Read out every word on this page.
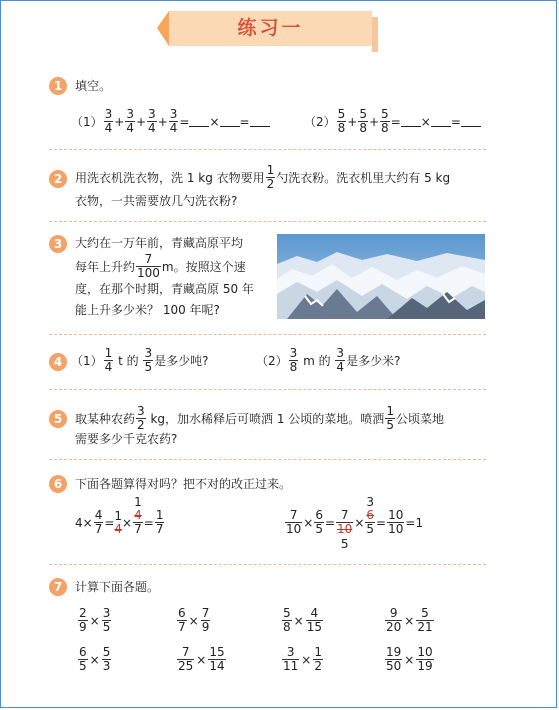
练习一
1	填空。
$(1) \frac{3}{4} + \frac{3}{4} + \frac{3}{4} + \frac{3}{4}$ = × =	$(2) \frac{5}{8} + \frac{5}{8} + \frac{5}{8}$ = × =
2	用洗衣机洗衣物，洗 1 kg 衣物要用 $\frac{1}{2}$ 勺洗衣粉。洗衣机里大约有 5 kg
衣物，一共需要放几勺洗衣粉?
3	大约在一万年前，青藏高原平均
每年上升约 $\frac{7}{100}$ m。按照这个速
度，在那个时期，青藏高原 50 年
能上升多少米？ 100 年呢?
4 $(1) \frac{1}{4}$ t 的 $\frac{3}{5}$ 是多少吨?	$(2) \frac{3}{8}$ m 的 $\frac{3}{4}$ 是多少米?
5	取某种农药 $\frac{3}{2}$ kg，加水稀释后可喷洒 1 公顷的菜地。喷洒 $\frac{1}{5}$ 公顷菜地
需要多少千克农药?
6	下面各题算得对吗？把不对的改正过来。
$4 \times \frac{4}{7} = 1$
4 ×
1
4
$7 = \frac{1}{7}$	$\frac{7}{10} \times \frac{6}{5}$ =
7
10
5
×
3
6
$5 = \frac{10}{10} = 1$
7	计算下面各题。
$\frac{2}{9} \times \frac{3}{5}$	$\frac{6}{7} \times \frac{7}{9}$	$\frac{5}{8} \times \frac{4}{15}$	$\frac{9}{20} \times \frac{5}{21}$
$\frac{6}{5} \times \frac{5}{3}$	$\frac{7}{25} \times \frac{15}{14}$	$\frac{3}{11} \times \frac{1}{2}$	$\frac{19}{50} \times \frac{10}{19}$
